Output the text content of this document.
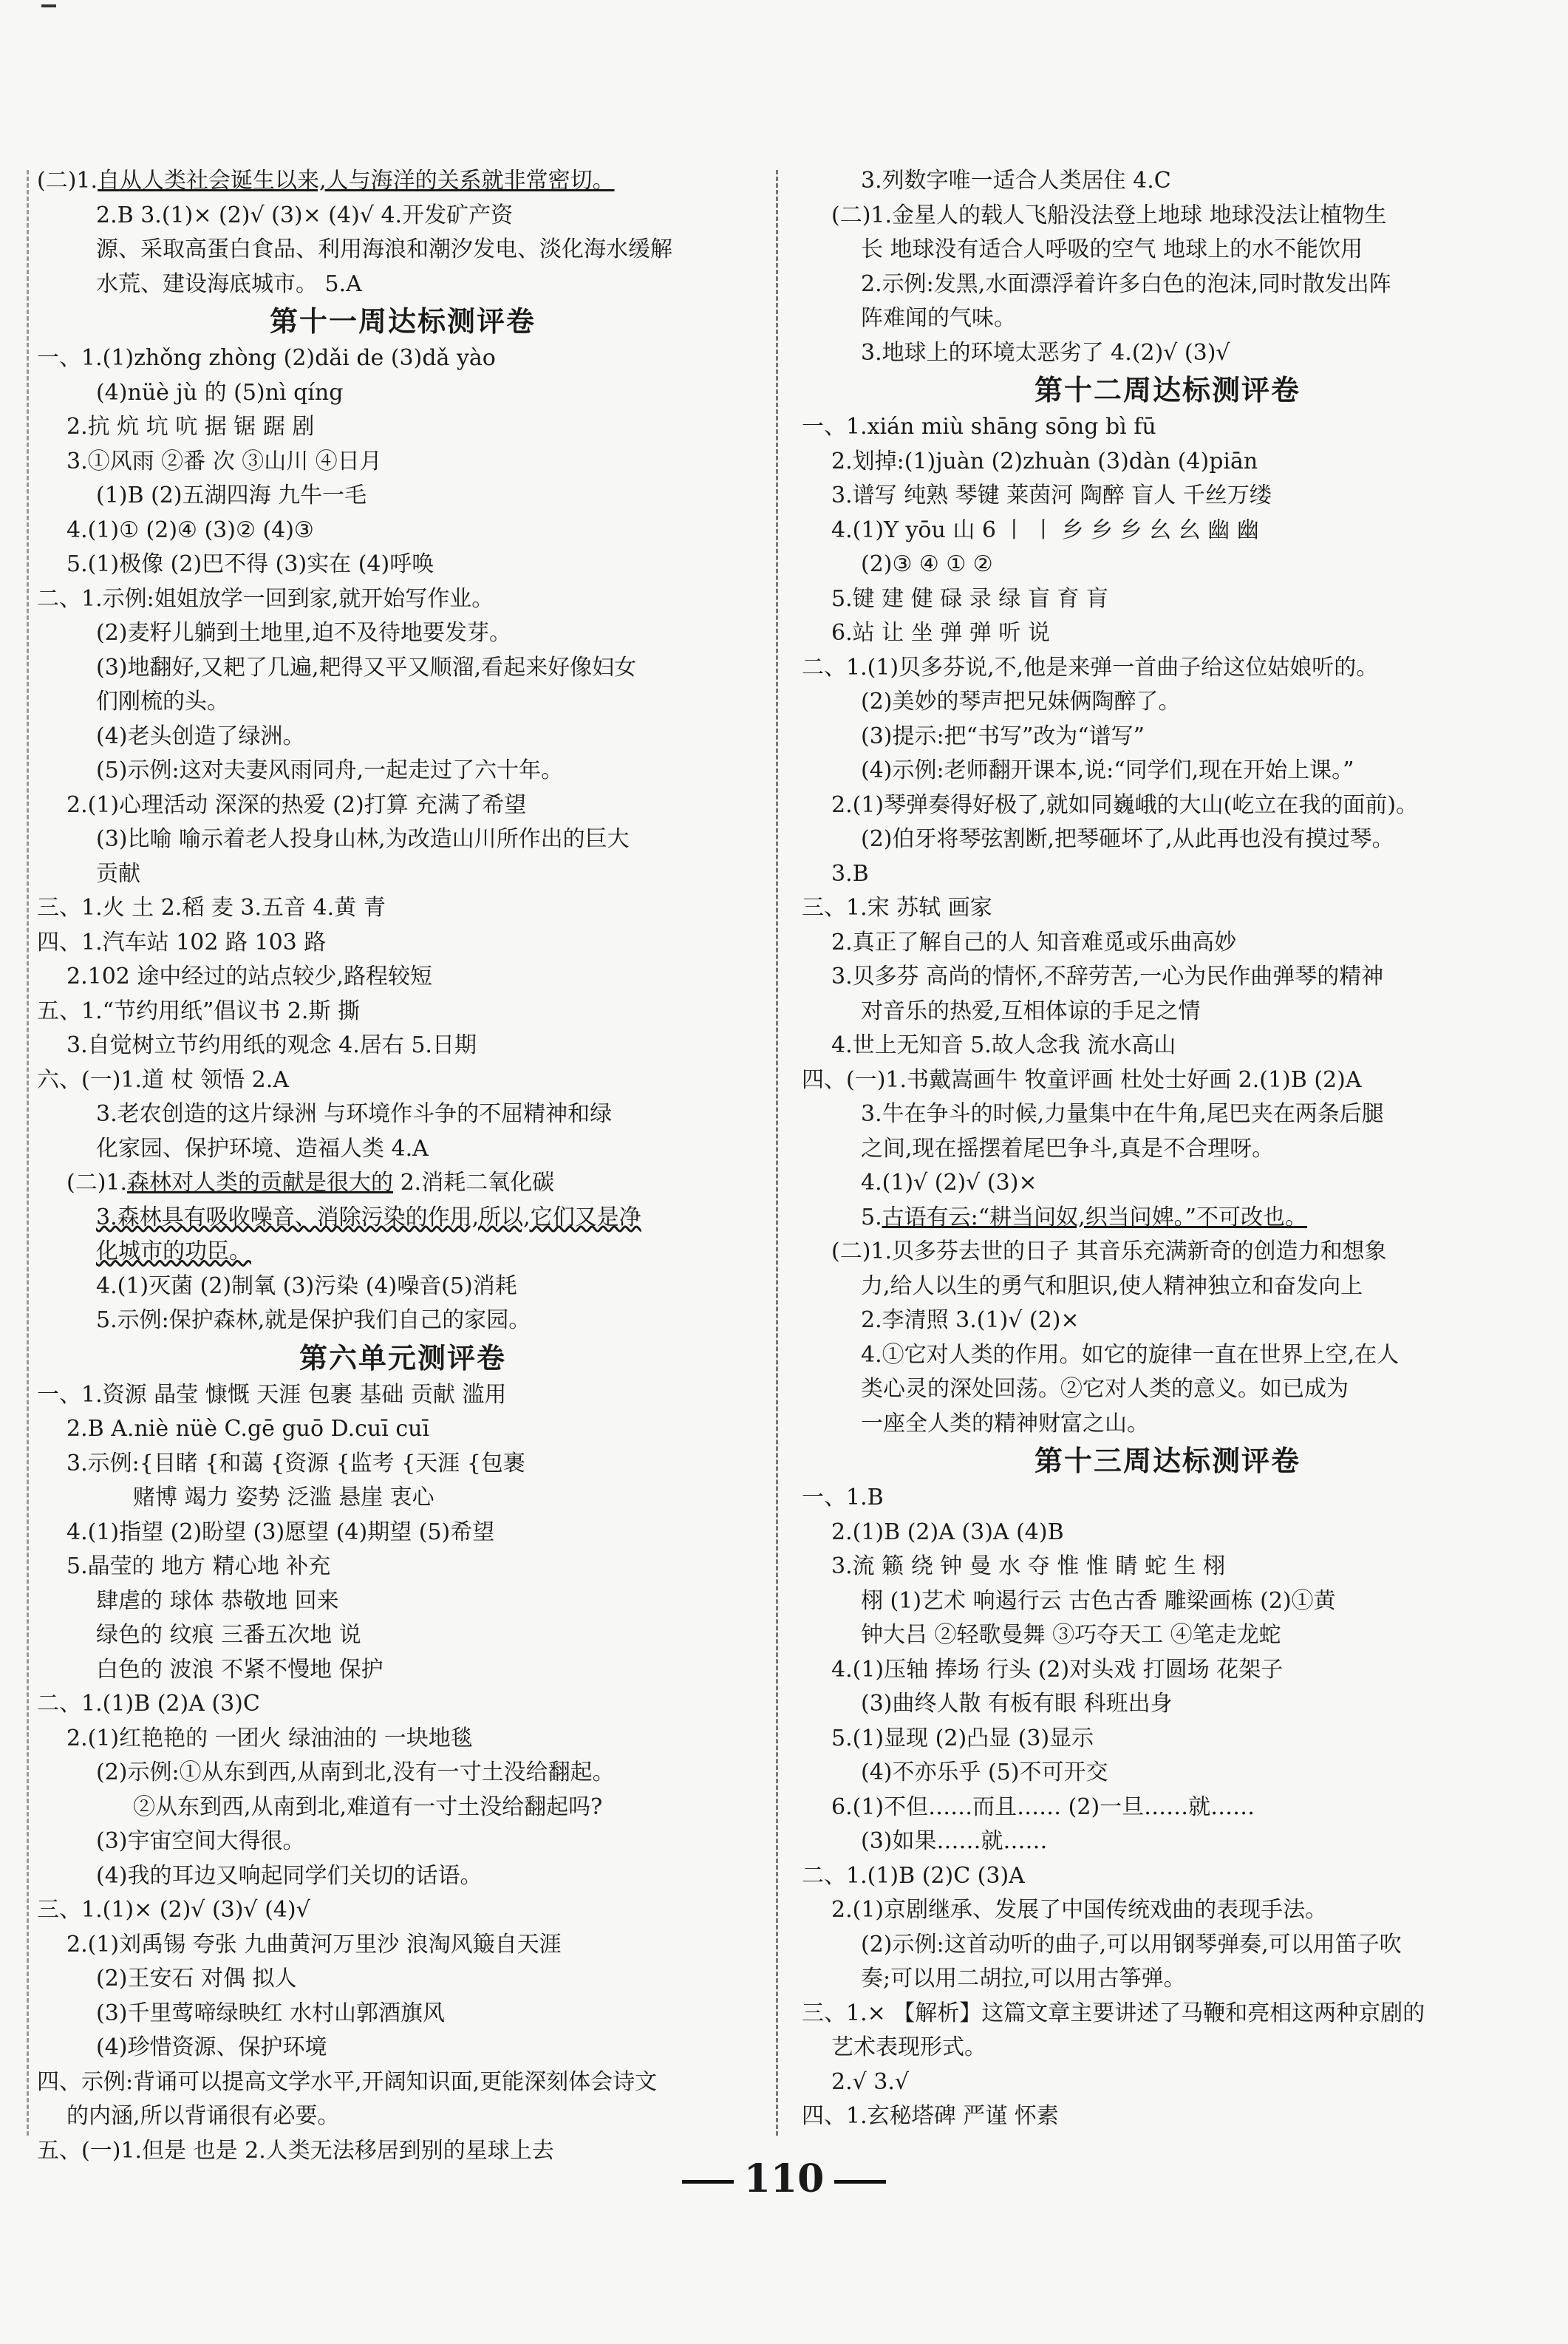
(二)1.自从人类社会诞生以来,人与海洋的关系就非常密切。
2.B 3.(1)× (2)√ (3)× (4)√ 4.开发矿产资
源、采取高蛋白食品、利用海浪和潮汐发电、淡化海水缓解
水荒、建设海底城市。 5.A
第十一周达标测评卷
一、1.(1)zhǒng zhòng (2)dǎi de (3)dǎ yào
(4)nüè jù 的 (5)nì qíng
2.抗 炕 坑 吭 据 锯 踞 剧
3.①风雨 ②番 次 ③山川 ④日月
(1)B (2)五湖四海 九牛一毛
4.(1)① (2)④ (3)② (4)③
5.(1)极像 (2)巴不得 (3)实在 (4)呼唤
二、1.示例:姐姐放学一回到家,就开始写作业。
(2)麦籽儿躺到土地里,迫不及待地要发芽。
(3)地翻好,又耙了几遍,耙得又平又顺溜,看起来好像妇女
们刚梳的头。
(4)老头创造了绿洲。
(5)示例:这对夫妻风雨同舟,一起走过了六十年。
2.(1)心理活动 深深的热爱 (2)打算 充满了希望
(3)比喻 喻示着老人投身山林,为改造山川所作出的巨大
贡献
三、1.火 土 2.稻 麦 3.五音 4.黄 青
四、1.汽车站 102 路 103 路
2.102 途中经过的站点较少,路程较短
五、1.“节约用纸”倡议书 2.斯 撕
3.自觉树立节约用纸的观念 4.居右 5.日期
六、(一)1.道 杖 领悟 2.A
3.老农创造的这片绿洲 与环境作斗争的不屈精神和绿
化家园、保护环境、造福人类 4.A
(二)1.森林对人类的贡献是很大的 2.消耗二氧化碳
3.森林具有吸收噪音、消除污染的作用,所以,它们又是净
化城市的功臣。
4.(1)灭菌 (2)制氧 (3)污染 (4)噪音(5)消耗
5.示例:保护森林,就是保护我们自己的家园。
第六单元测评卷
一、1.资源 晶莹 慷慨 天涯 包裹 基础 贡献 滥用
2.B A.niè nüè C.gē guō D.cuī cuī
3.示例:{目睹 {和蔼 {资源 {监考 {天涯 {包裹
赌博 竭力 姿势 泛滥 悬崖 衷心
4.(1)指望 (2)盼望 (3)愿望 (4)期望 (5)希望
5.晶莹的 地方 精心地 补充
肆虐的 球体 恭敬地 回来
绿色的 纹痕 三番五次地 说
白色的 波浪 不紧不慢地 保护
二、1.(1)B (2)A (3)C
2.(1)红艳艳的 一团火 绿油油的 一块地毯
(2)示例:①从东到西,从南到北,没有一寸土没给翻起。
②从东到西,从南到北,难道有一寸土没给翻起吗?
(3)宇宙空间大得很。
(4)我的耳边又响起同学们关切的话语。
三、1.(1)× (2)√ (3)√ (4)√
2.(1)刘禹锡 夸张 九曲黄河万里沙 浪淘风簸自天涯
(2)王安石 对偶 拟人
(3)千里莺啼绿映红 水村山郭酒旗风
(4)珍惜资源、保护环境
四、示例:背诵可以提高文学水平,开阔知识面,更能深刻体会诗文
的内涵,所以背诵很有必要。
五、(一)1.但是 也是 2.人类无法移居到别的星球上去
3.列数字唯一适合人类居住 4.C
(二)1.金星人的载人飞船没法登上地球 地球没法让植物生
长 地球没有适合人呼吸的空气 地球上的水不能饮用
2.示例:发黑,水面漂浮着许多白色的泡沫,同时散发出阵
阵难闻的气味。
3.地球上的环境太恶劣了 4.(2)√ (3)√
第十二周达标测评卷
一、1.xián miù shāng sōng bì fū
2.划掉:(1)juàn (2)zhuàn (3)dàn (4)piān
3.谱写 纯熟 琴键 莱茵河 陶醉 盲人 千丝万缕
4.(1)Y yōu 山 6 丨 丨 乡 乡 乡 幺 幺 幽 幽
(2)③ ④ ① ②
5.键 建 健 碌 录 绿 盲 育 肓
6.站 让 坐 弹 弹 听 说
二、1.(1)贝多芬说,不,他是来弹一首曲子给这位姑娘听的。
(2)美妙的琴声把兄妹俩陶醉了。
(3)提示:把“书写”改为“谱写”
(4)示例:老师翻开课本,说:“同学们,现在开始上课。”
2.(1)琴弹奏得好极了,就如同巍峨的大山(屹立在我的面前)。
(2)伯牙将琴弦割断,把琴砸坏了,从此再也没有摸过琴。
3.B
三、1.宋 苏轼 画家
2.真正了解自己的人 知音难觅或乐曲高妙
3.贝多芬 高尚的情怀,不辞劳苦,一心为民作曲弹琴的精神
对音乐的热爱,互相体谅的手足之情
4.世上无知音 5.故人念我 流水高山
四、(一)1.书戴嵩画牛 牧童评画 杜处士好画 2.(1)B (2)A
3.牛在争斗的时候,力量集中在牛角,尾巴夹在两条后腿
之间,现在摇摆着尾巴争斗,真是不合理呀。
4.(1)√ (2)√ (3)×
5.古语有云:“耕当问奴,织当问婢。”不可改也。
(二)1.贝多芬去世的日子 其音乐充满新奇的创造力和想象
力,给人以生的勇气和胆识,使人精神独立和奋发向上
2.李清照 3.(1)√ (2)×
4.①它对人类的作用。如它的旋律一直在世界上空,在人
类心灵的深处回荡。②它对人类的意义。如已成为
一座全人类的精神财富之山。
第十三周达标测评卷
一、1.B
2.(1)B (2)A (3)A (4)B
3.流 籁 绕 钟 曼 水 夺 惟 惟 睛 蛇 生 栩
栩 (1)艺术 响遏行云 古色古香 雕梁画栋 (2)①黄
钟大吕 ②轻歌曼舞 ③巧夺天工 ④笔走龙蛇
4.(1)压轴 捧场 行头 (2)对头戏 打圆场 花架子
(3)曲终人散 有板有眼 科班出身
5.(1)显现 (2)凸显 (3)显示
(4)不亦乐乎 (5)不可开交
6.(1)不但……而且…… (2)一旦……就……
(3)如果……就……
二、1.(1)B (2)C (3)A
2.(1)京剧继承、发展了中国传统戏曲的表现手法。
(2)示例:这首动听的曲子,可以用钢琴弹奏,可以用笛子吹
奏;可以用二胡拉,可以用古筝弹。
三、1.× 【解析】这篇文章主要讲述了马鞭和亮相这两种京剧的
艺术表现形式。
2.√ 3.√
四、1.玄秘塔碑 严谨 怀素
110
